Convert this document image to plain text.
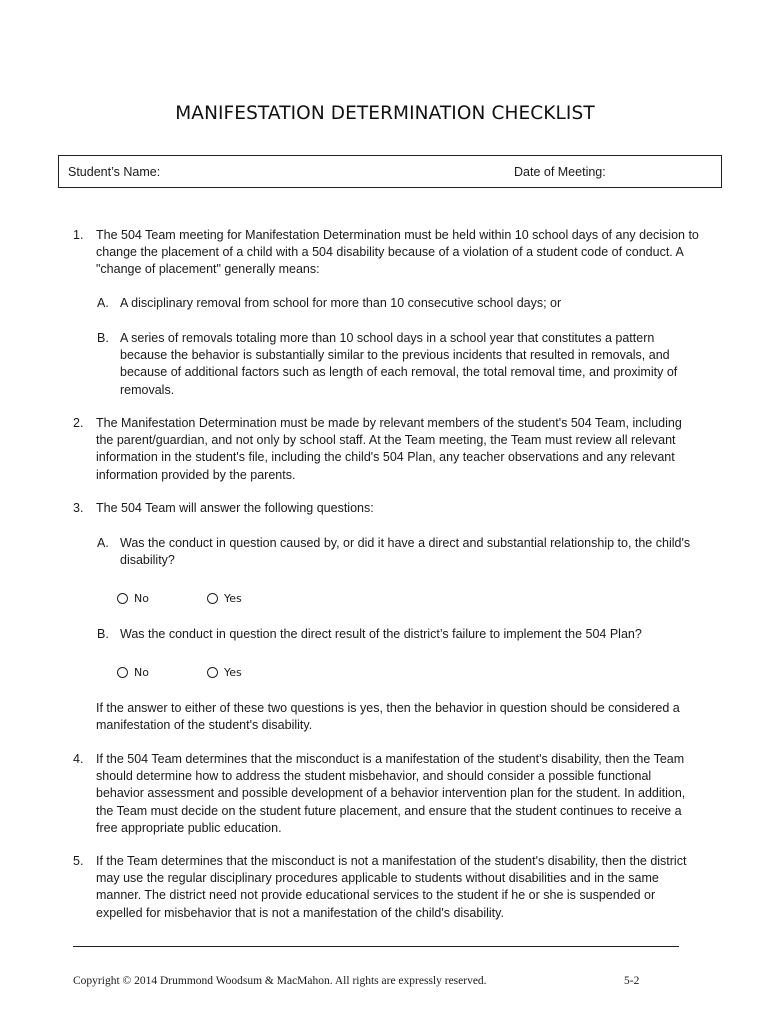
MANIFESTATION DETERMINATION CHECKLIST
Student’s Name:	Date of Meeting:
1. The 504 Team meeting for Manifestation Determination must be held within 10 school days of any decision to change the placement of a child with a 504 disability because of a violation of a student code of conduct. A "change of placement" generally means:
A. A disciplinary removal from school for more than 10 consecutive school days; or
B. A series of removals totaling more than 10 school days in a school year that constitutes a pattern because the behavior is substantially similar to the previous incidents that resulted in removals, and because of additional factors such as length of each removal, the total removal time, and proximity of removals.
2. The Manifestation Determination must be made by relevant members of the student's 504 Team, including the parent/guardian, and not only by school staff. At the Team meeting, the Team must review all relevant information in the student's file, including the child's 504 Plan, any teacher observations and any relevant information provided by the parents.
3. The 504 Team will answer the following questions:
A. Was the conduct in question caused by, or did it have a direct and substantial relationship to, the child's disability?
No	Yes
B. Was the conduct in question the direct result of the district’s failure to implement the 504 Plan?
No	Yes
If the answer to either of these two questions is yes, then the behavior in question should be considered a manifestation of the student's disability.
4. If the 504 Team determines that the misconduct is a manifestation of the student's disability, then the Team should determine how to address the student misbehavior, and should consider a possible functional behavior assessment and possible development of a behavior intervention plan for the student. In addition, the Team must decide on the student future placement, and ensure that the student continues to receive a free appropriate public education.
5. If the Team determines that the misconduct is not a manifestation of the student's disability, then the district may use the regular disciplinary procedures applicable to students without disabilities and in the same manner. The district need not provide educational services to the student if he or she is suspended or expelled for misbehavior that is not a manifestation of the child's disability.
Copyright © 2014 Drummond Woodsum & MacMahon. All rights are expressly reserved.	5-2
